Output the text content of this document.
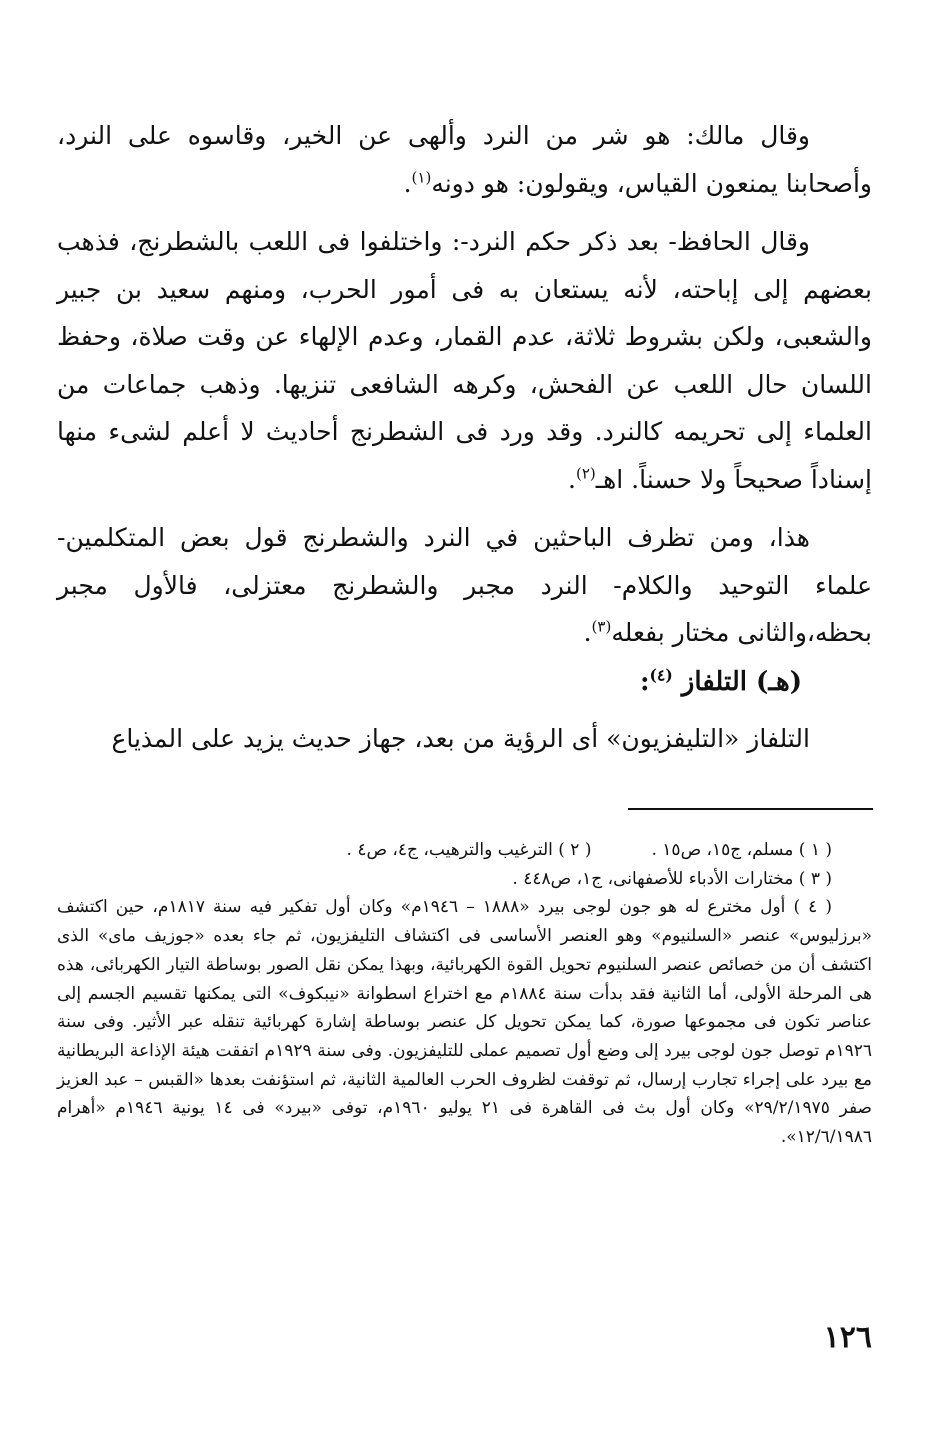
وقال مالك: هو شر من النرد وألهى عن الخير، وقاسوه على النرد، وأصحابنا يمنعون القياس، ويقولون: هو دونه$^{(١)}$.

وقال الحافظ- بعد ذكر حكم النرد-: واختلفوا فى اللعب بالشطرنج، فذهب بعضهم إلى إباحته، لأنه يستعان به فى أمور الحرب، ومنهم سعيد بن جبير والشعبى، ولكن بشروط ثلاثة، عدم القمار، وعدم الإلهاء عن وقت صلاة، وحفظ اللسان حال اللعب عن الفحش، وكرهه الشافعى تنزيها. وذهب جماعات من العلماء إلى تحريمه كالنرد. وقد ورد فى الشطرنج أحاديث لا أعلم لشىء منها إسناداً صحيحاً ولا حسناً. اهـ$^{(٢)}$.

هذا، ومن تظرف الباحثين في النرد والشطرنج قول بعض المتكلمين- علماء التوحيد والكلام- النرد مجبر والشطرنج معتزلى، فالأول مجبر بحظه،والثانى مختار بفعله$^{(٣)}$.

(هـ) التلفاز $^{(٤)}$:
التلفاز «التليفزيون» أى الرؤية من بعد، جهاز حديث يزيد على المذياع
( ١ ) مسلم، ج١٥، ص١٥ .
( ٢ ) الترغيب والترهيب، ج٤، ص٤ .
( ٣ ) مختارات الأدباء للأصفهانى، ج١، ص٤٤٨ .
( ٤ ) أول مخترع له هو جون لوجى بيرد «١٨٨٨ – ١٩٤٦م» وكان أول تفكير فيه سنة ١٨١٧م، حين اكتشف «برزليوس» عنصر «السلنيوم» وهو العنصر الأساسى فى اكتشاف التليفزيون، ثم جاء بعده «جوزيف ماى» الذى اكتشف أن من خصائص عنصر السلنيوم تحويل القوة الكهربائية، وبهذا يمكن نقل الصور بوساطة التيار الكهربائى، هذه هى المرحلة الأولى، أما الثانية فقد بدأت سنة ١٨٨٤م مع اختراع اسطوانة «نيبكوف» التى يمكنها تقسيم الجسم إلى عناصر تكون فى مجموعها صورة، كما يمكن تحويل كل عنصر بوساطة إشارة كهربائية تنقله عبر الأثير. وفى سنة ١٩٢٦م توصل جون لوجى بيرد إلى وضع أول تصميم عملى للتليفزيون. وفى سنة ١٩٢٩م اتفقت هيئة الإذاعة البريطانية مع بيرد على إجراء تجارب إرسال، ثم توقفت لظروف الحرب العالمية الثانية، ثم استؤنفت بعدها «القبس – عبد العزيز صفر ٢٩/٢/١٩٧٥» وكان أول بث فى القاهرة فى ٢١ يوليو ١٩٦٠م، توفى «بيرد» فى ١٤ يونية ١٩٤٦م «أهرام ١٢/٦/١٩٨٦».
١٢٦
